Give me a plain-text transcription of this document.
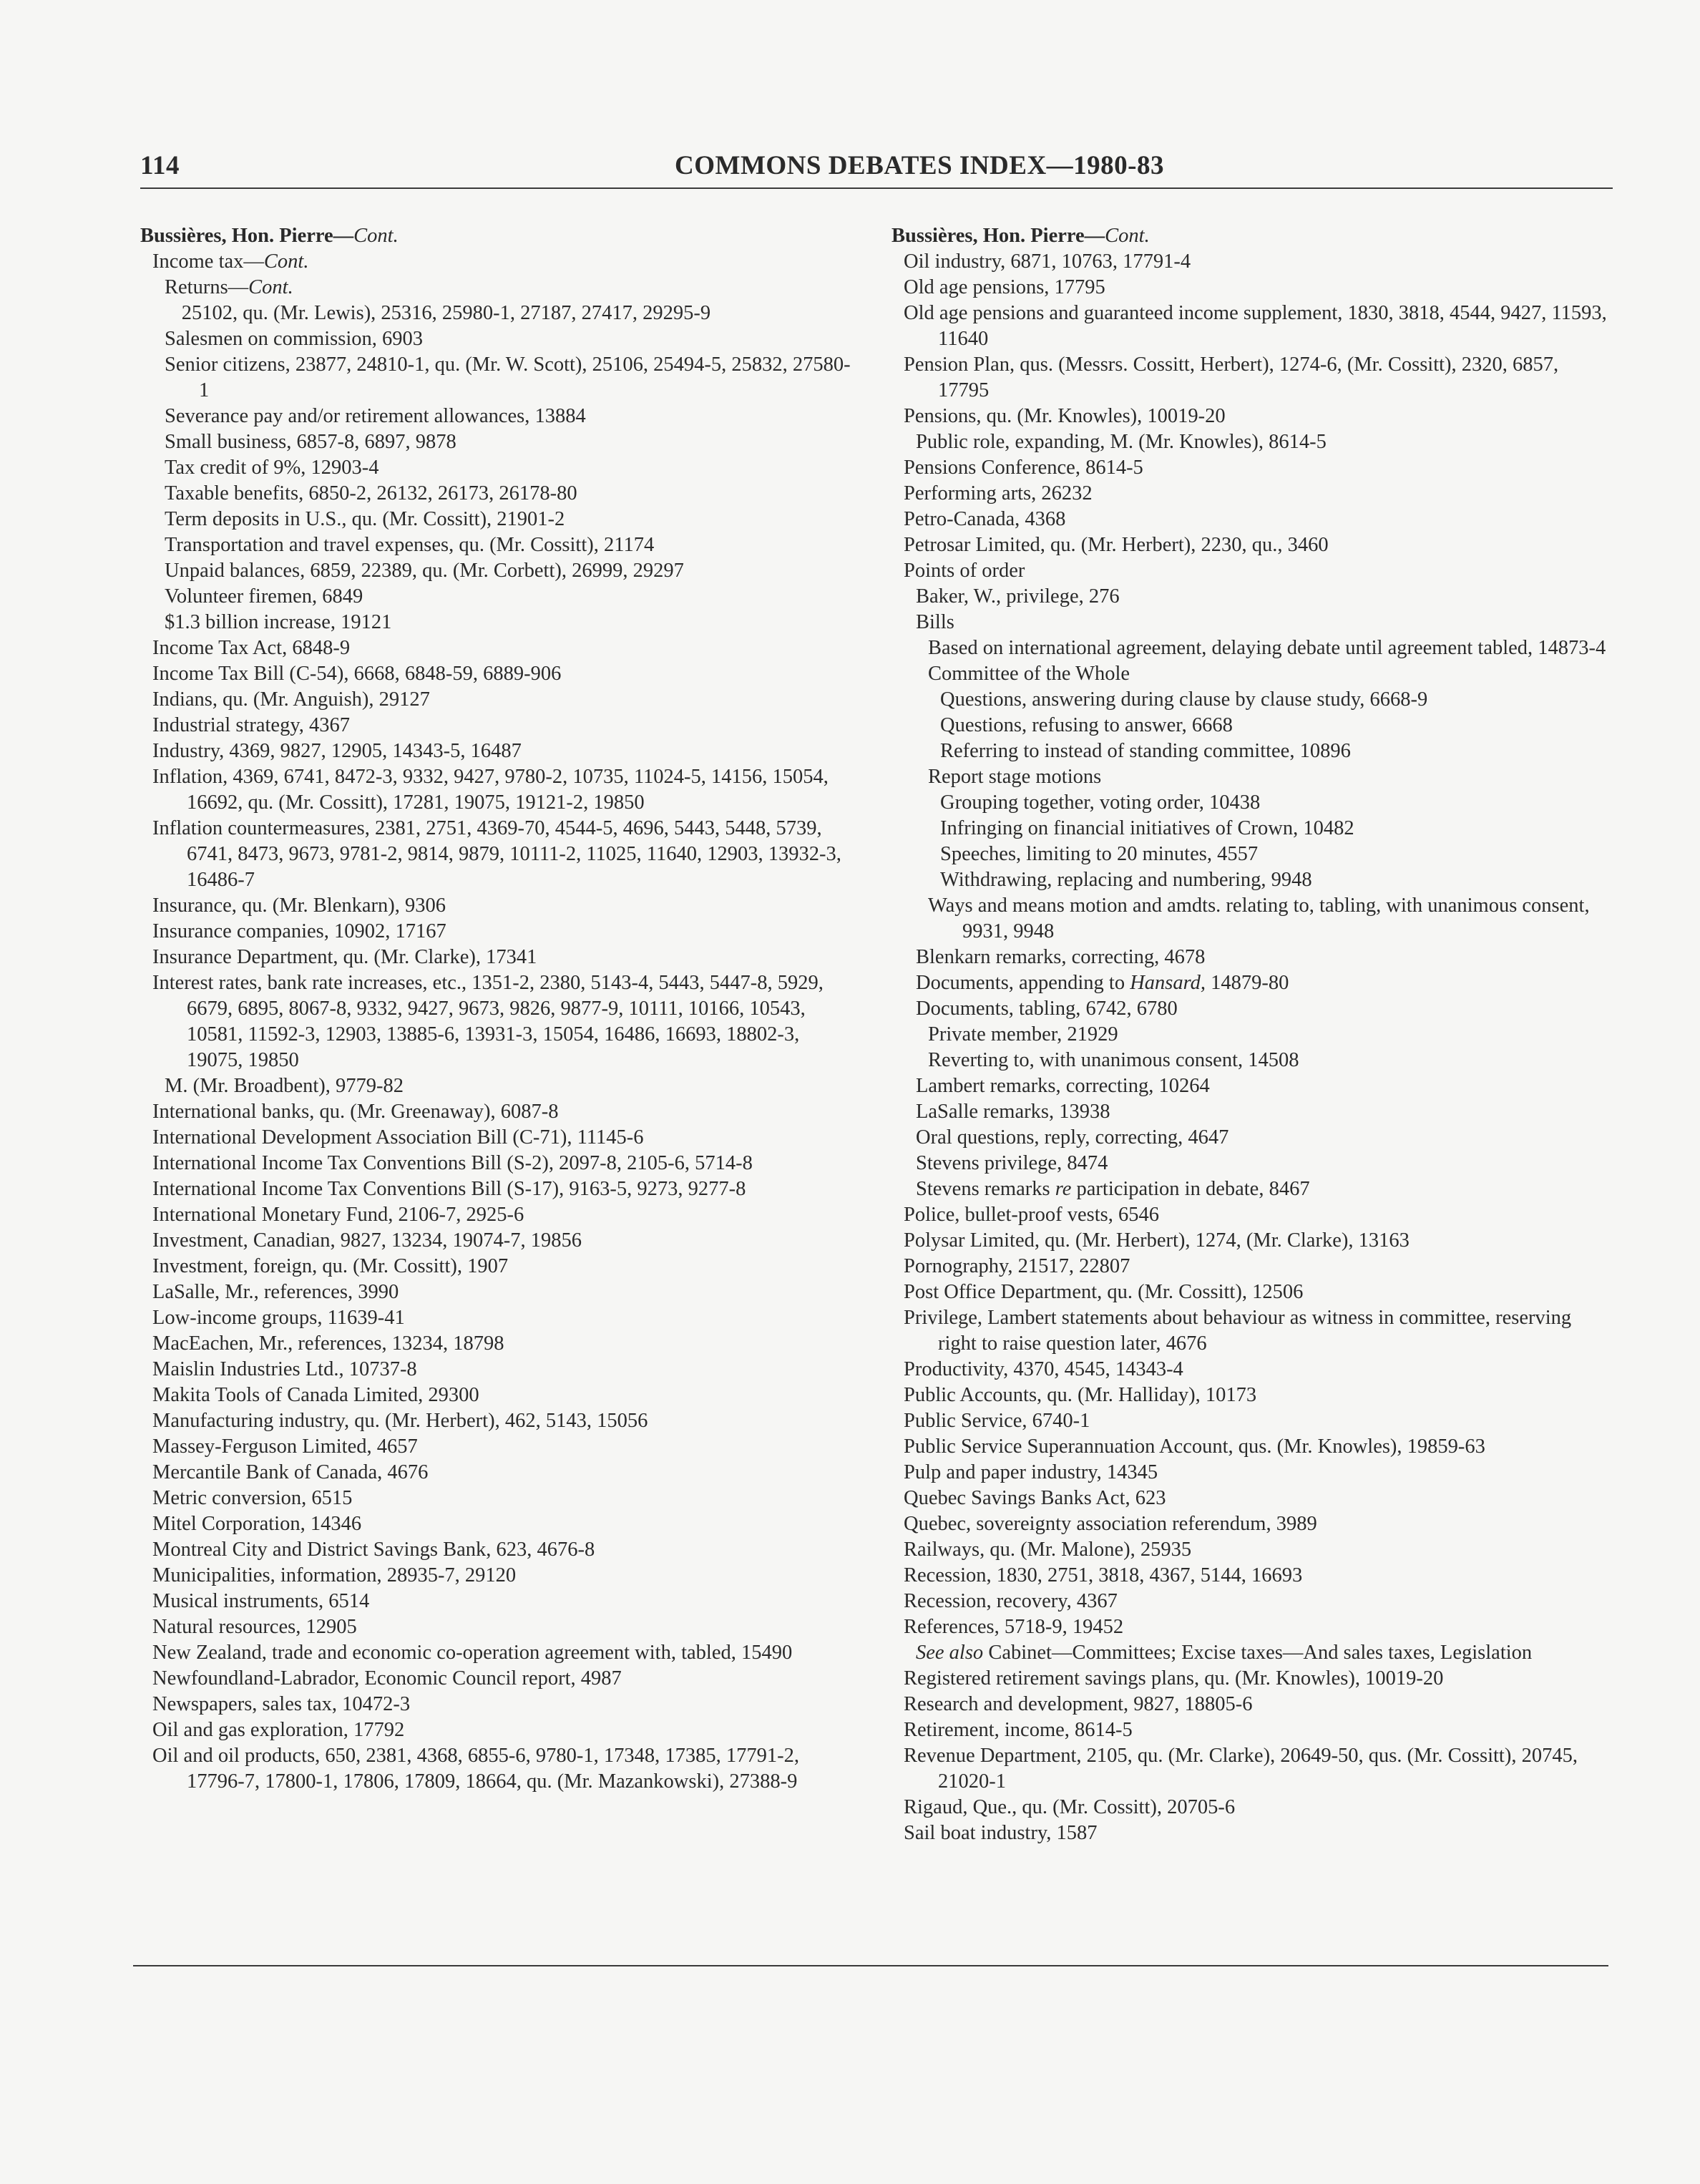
114	COMMONS DEBATES INDEX—1980-83
Bussières, Hon. Pierre—Cont.
Income tax—Cont.
Returns—Cont.
25102, qu. (Mr. Lewis), 25316, 25980-1, 27187, 27417, 29295-9
Salesmen on commission, 6903
Senior citizens, 23877, 24810-1, qu. (Mr. W. Scott), 25106, 25494-5, 25832, 27580-1
Severance pay and/or retirement allowances, 13884
Small business, 6857-8, 6897, 9878
Tax credit of 9%, 12903-4
Taxable benefits, 6850-2, 26132, 26173, 26178-80
Term deposits in U.S., qu. (Mr. Cossitt), 21901-2
Transportation and travel expenses, qu. (Mr. Cossitt), 21174
Unpaid balances, 6859, 22389, qu. (Mr. Corbett), 26999, 29297
Volunteer firemen, 6849
$1.3 billion increase, 19121
Income Tax Act, 6848-9
Income Tax Bill (C-54), 6668, 6848-59, 6889-906
Indians, qu. (Mr. Anguish), 29127
Industrial strategy, 4367
Industry, 4369, 9827, 12905, 14343-5, 16487
Inflation, 4369, 6741, 8472-3, 9332, 9427, 9780-2, 10735, 11024-5, 14156, 15054, 16692, qu. (Mr. Cossitt), 17281, 19075, 19121-2, 19850
Inflation countermeasures, 2381, 2751, 4369-70, 4544-5, 4696, 5443, 5448, 5739, 6741, 8473, 9673, 9781-2, 9814, 9879, 10111-2, 11025, 11640, 12903, 13932-3, 16486-7
Insurance, qu. (Mr. Blenkarn), 9306
Insurance companies, 10902, 17167
Insurance Department, qu. (Mr. Clarke), 17341
Interest rates, bank rate increases, etc., 1351-2, 2380, 5143-4, 5443, 5447-8, 5929, 6679, 6895, 8067-8, 9332, 9427, 9673, 9826, 9877-9, 10111, 10166, 10543, 10581, 11592-3, 12903, 13885-6, 13931-3, 15054, 16486, 16693, 18802-3, 19075, 19850
M. (Mr. Broadbent), 9779-82
International banks, qu. (Mr. Greenaway), 6087-8
International Development Association Bill (C-71), 11145-6
International Income Tax Conventions Bill (S-2), 2097-8, 2105-6, 5714-8
International Income Tax Conventions Bill (S-17), 9163-5, 9273, 9277-8
International Monetary Fund, 2106-7, 2925-6
Investment, Canadian, 9827, 13234, 19074-7, 19856
Investment, foreign, qu. (Mr. Cossitt), 1907
LaSalle, Mr., references, 3990
Low-income groups, 11639-41
MacEachen, Mr., references, 13234, 18798
Maislin Industries Ltd., 10737-8
Makita Tools of Canada Limited, 29300
Manufacturing industry, qu. (Mr. Herbert), 462, 5143, 15056
Massey-Ferguson Limited, 4657
Mercantile Bank of Canada, 4676
Metric conversion, 6515
Mitel Corporation, 14346
Montreal City and District Savings Bank, 623, 4676-8
Municipalities, information, 28935-7, 29120
Musical instruments, 6514
Natural resources, 12905
New Zealand, trade and economic co-operation agreement with, tabled, 15490
Newfoundland-Labrador, Economic Council report, 4987
Newspapers, sales tax, 10472-3
Oil and gas exploration, 17792
Oil and oil products, 650, 2381, 4368, 6855-6, 9780-1, 17348, 17385, 17791-2, 17796-7, 17800-1, 17806, 17809, 18664, qu. (Mr. Mazankowski), 27388-9
Bussières, Hon. Pierre—Cont.
Oil industry, 6871, 10763, 17791-4
Old age pensions, 17795
Old age pensions and guaranteed income supplement, 1830, 3818, 4544, 9427, 11593, 11640
Pension Plan, qus. (Messrs. Cossitt, Herbert), 1274-6, (Mr. Cossitt), 2320, 6857, 17795
Pensions, qu. (Mr. Knowles), 10019-20
Public role, expanding, M. (Mr. Knowles), 8614-5
Pensions Conference, 8614-5
Performing arts, 26232
Petro-Canada, 4368
Petrosar Limited, qu. (Mr. Herbert), 2230, qu., 3460
Points of order
Baker, W., privilege, 276
Bills
Based on international agreement, delaying debate until agreement tabled, 14873-4
Committee of the Whole
Questions, answering during clause by clause study, 6668-9
Questions, refusing to answer, 6668
Referring to instead of standing committee, 10896
Report stage motions
Grouping together, voting order, 10438
Infringing on financial initiatives of Crown, 10482
Speeches, limiting to 20 minutes, 4557
Withdrawing, replacing and numbering, 9948
Ways and means motion and amdts. relating to, tabling, with unanimous consent, 9931, 9948
Blenkarn remarks, correcting, 4678
Documents, appending to Hansard, 14879-80
Documents, tabling, 6742, 6780
Private member, 21929
Reverting to, with unanimous consent, 14508
Lambert remarks, correcting, 10264
LaSalle remarks, 13938
Oral questions, reply, correcting, 4647
Stevens privilege, 8474
Stevens remarks re participation in debate, 8467
Police, bullet-proof vests, 6546
Polysar Limited, qu. (Mr. Herbert), 1274, (Mr. Clarke), 13163
Pornography, 21517, 22807
Post Office Department, qu. (Mr. Cossitt), 12506
Privilege, Lambert statements about behaviour as witness in committee, reserving right to raise question later, 4676
Productivity, 4370, 4545, 14343-4
Public Accounts, qu. (Mr. Halliday), 10173
Public Service, 6740-1
Public Service Superannuation Account, qus. (Mr. Knowles), 19859-63
Pulp and paper industry, 14345
Quebec Savings Banks Act, 623
Quebec, sovereignty association referendum, 3989
Railways, qu. (Mr. Malone), 25935
Recession, 1830, 2751, 3818, 4367, 5144, 16693
Recession, recovery, 4367
References, 5718-9, 19452
See also Cabinet—Committees; Excise taxes—And sales taxes, Legislation
Registered retirement savings plans, qu. (Mr. Knowles), 10019-20
Research and development, 9827, 18805-6
Retirement, income, 8614-5
Revenue Department, 2105, qu. (Mr. Clarke), 20649-50, qus. (Mr. Cossitt), 20745, 21020-1
Rigaud, Que., qu. (Mr. Cossitt), 20705-6
Sail boat industry, 1587
